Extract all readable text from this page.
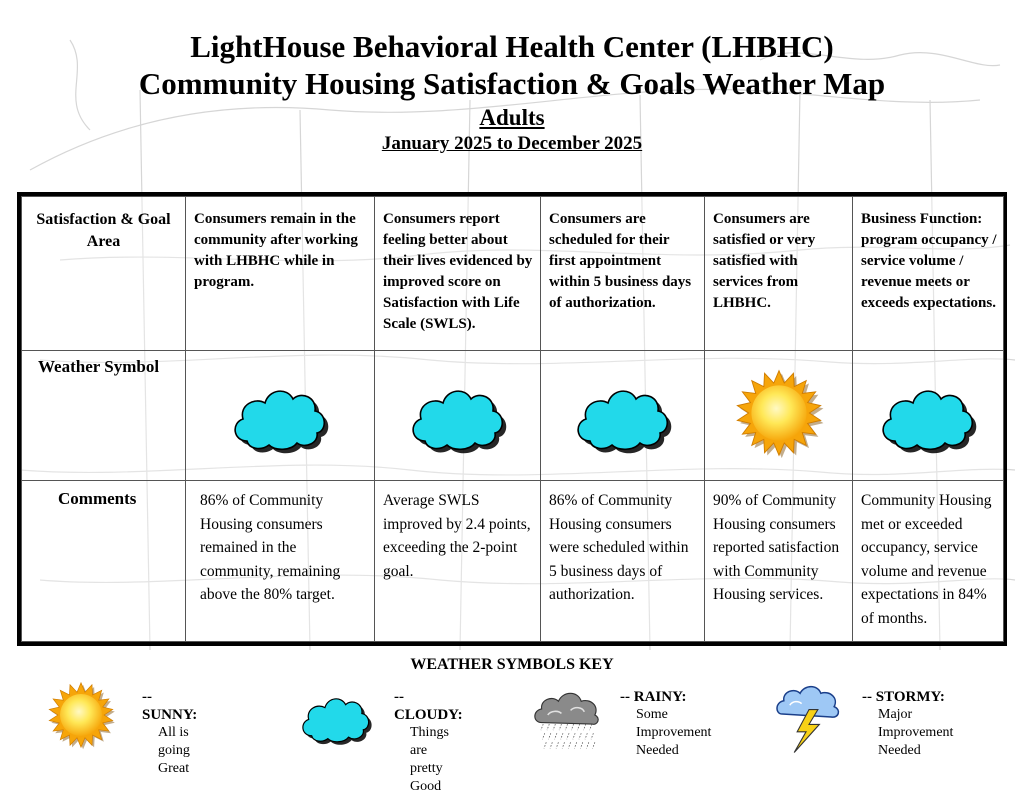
LightHouse Behavioral Health Center (LHBHC)
Community Housing Satisfaction & Goals Weather Map
Adults
January 2025 to December 2025
Satisfaction & Goal Area	Consumers remain in the community after working with LHBHC while in program.	Consumers report feeling better about their lives evidenced by improved score on Satisfaction with Life Scale (SWLS).	Consumers are scheduled for their first appointment within 5 business days of authorization.	Consumers are satisfied or very satisfied with services from LHBHC.	Business Function: program occupancy / service volume / revenue meets or exceeds expectations.
Weather Symbol					
Comments	86% of Community Housing consumers remained in the community, remaining above the 80% target.	Average SWLS improved by 2.4 points, exceeding the 2-point goal.	86% of Community Housing consumers were scheduled within 5 business days of authorization.	90% of Community Housing consumers reported satisfaction with Community Housing services.	Community Housing met or exceeded occupancy, service volume and revenue expectations in 84% of months.
WEATHER SYMBOLS KEY
-- SUNNY:
All is going
Great
-- CLOUDY:
Things are
pretty Good
-- RAINY:
Some
Improvement
Needed
-- STORMY:
Major
Improvement
Needed
